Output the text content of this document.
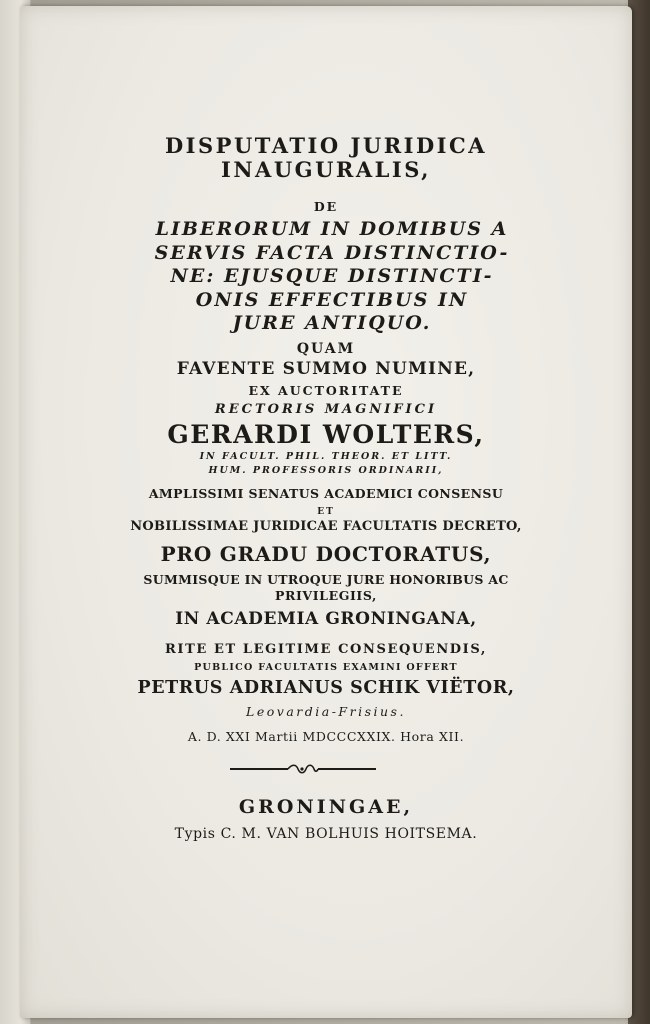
DISPUTATIO JURIDICA
INAUGURALIS,
DE
LIBERORUM IN DOMIBUS A
SERVIS FACTA DISTINCTIO-
NE: EJUSQUE DISTINCTI-
ONIS EFFECTIBUS IN
JURE ANTIQUO.
QUAM
FAVENTE SUMMO NUMINE,
EX AUCTORITATE
RECTORIS MAGNIFICI
GERARDI WOLTERS,
IN FACULT. PHIL. THEOR. ET LITT.
HUM. PROFESSORIS ORDINARII,
AMPLISSIMI SENATUS ACADEMICI CONSENSU
ET
NOBILISSIMAE JURIDICAE FACULTATIS DECRETO,
PRO GRADU DOCTORATUS,
SUMMISQUE IN UTROQUE JURE HONORIBUS AC
PRIVILEGIIS,
IN ACADEMIA GRONINGANA,
RITE ET LEGITIME CONSEQUENDIS,
PUBLICO FACULTATIS EXAMINI OFFERT
PETRUS ADRIANUS SCHIK VIËTOR,
Leovardia-Frisius.
A. D. XXI Martii MDCCCXXIX. Hora XII.
GRONINGAE,
Typis C. M. VAN BOLHUIS HOITSEMA.
